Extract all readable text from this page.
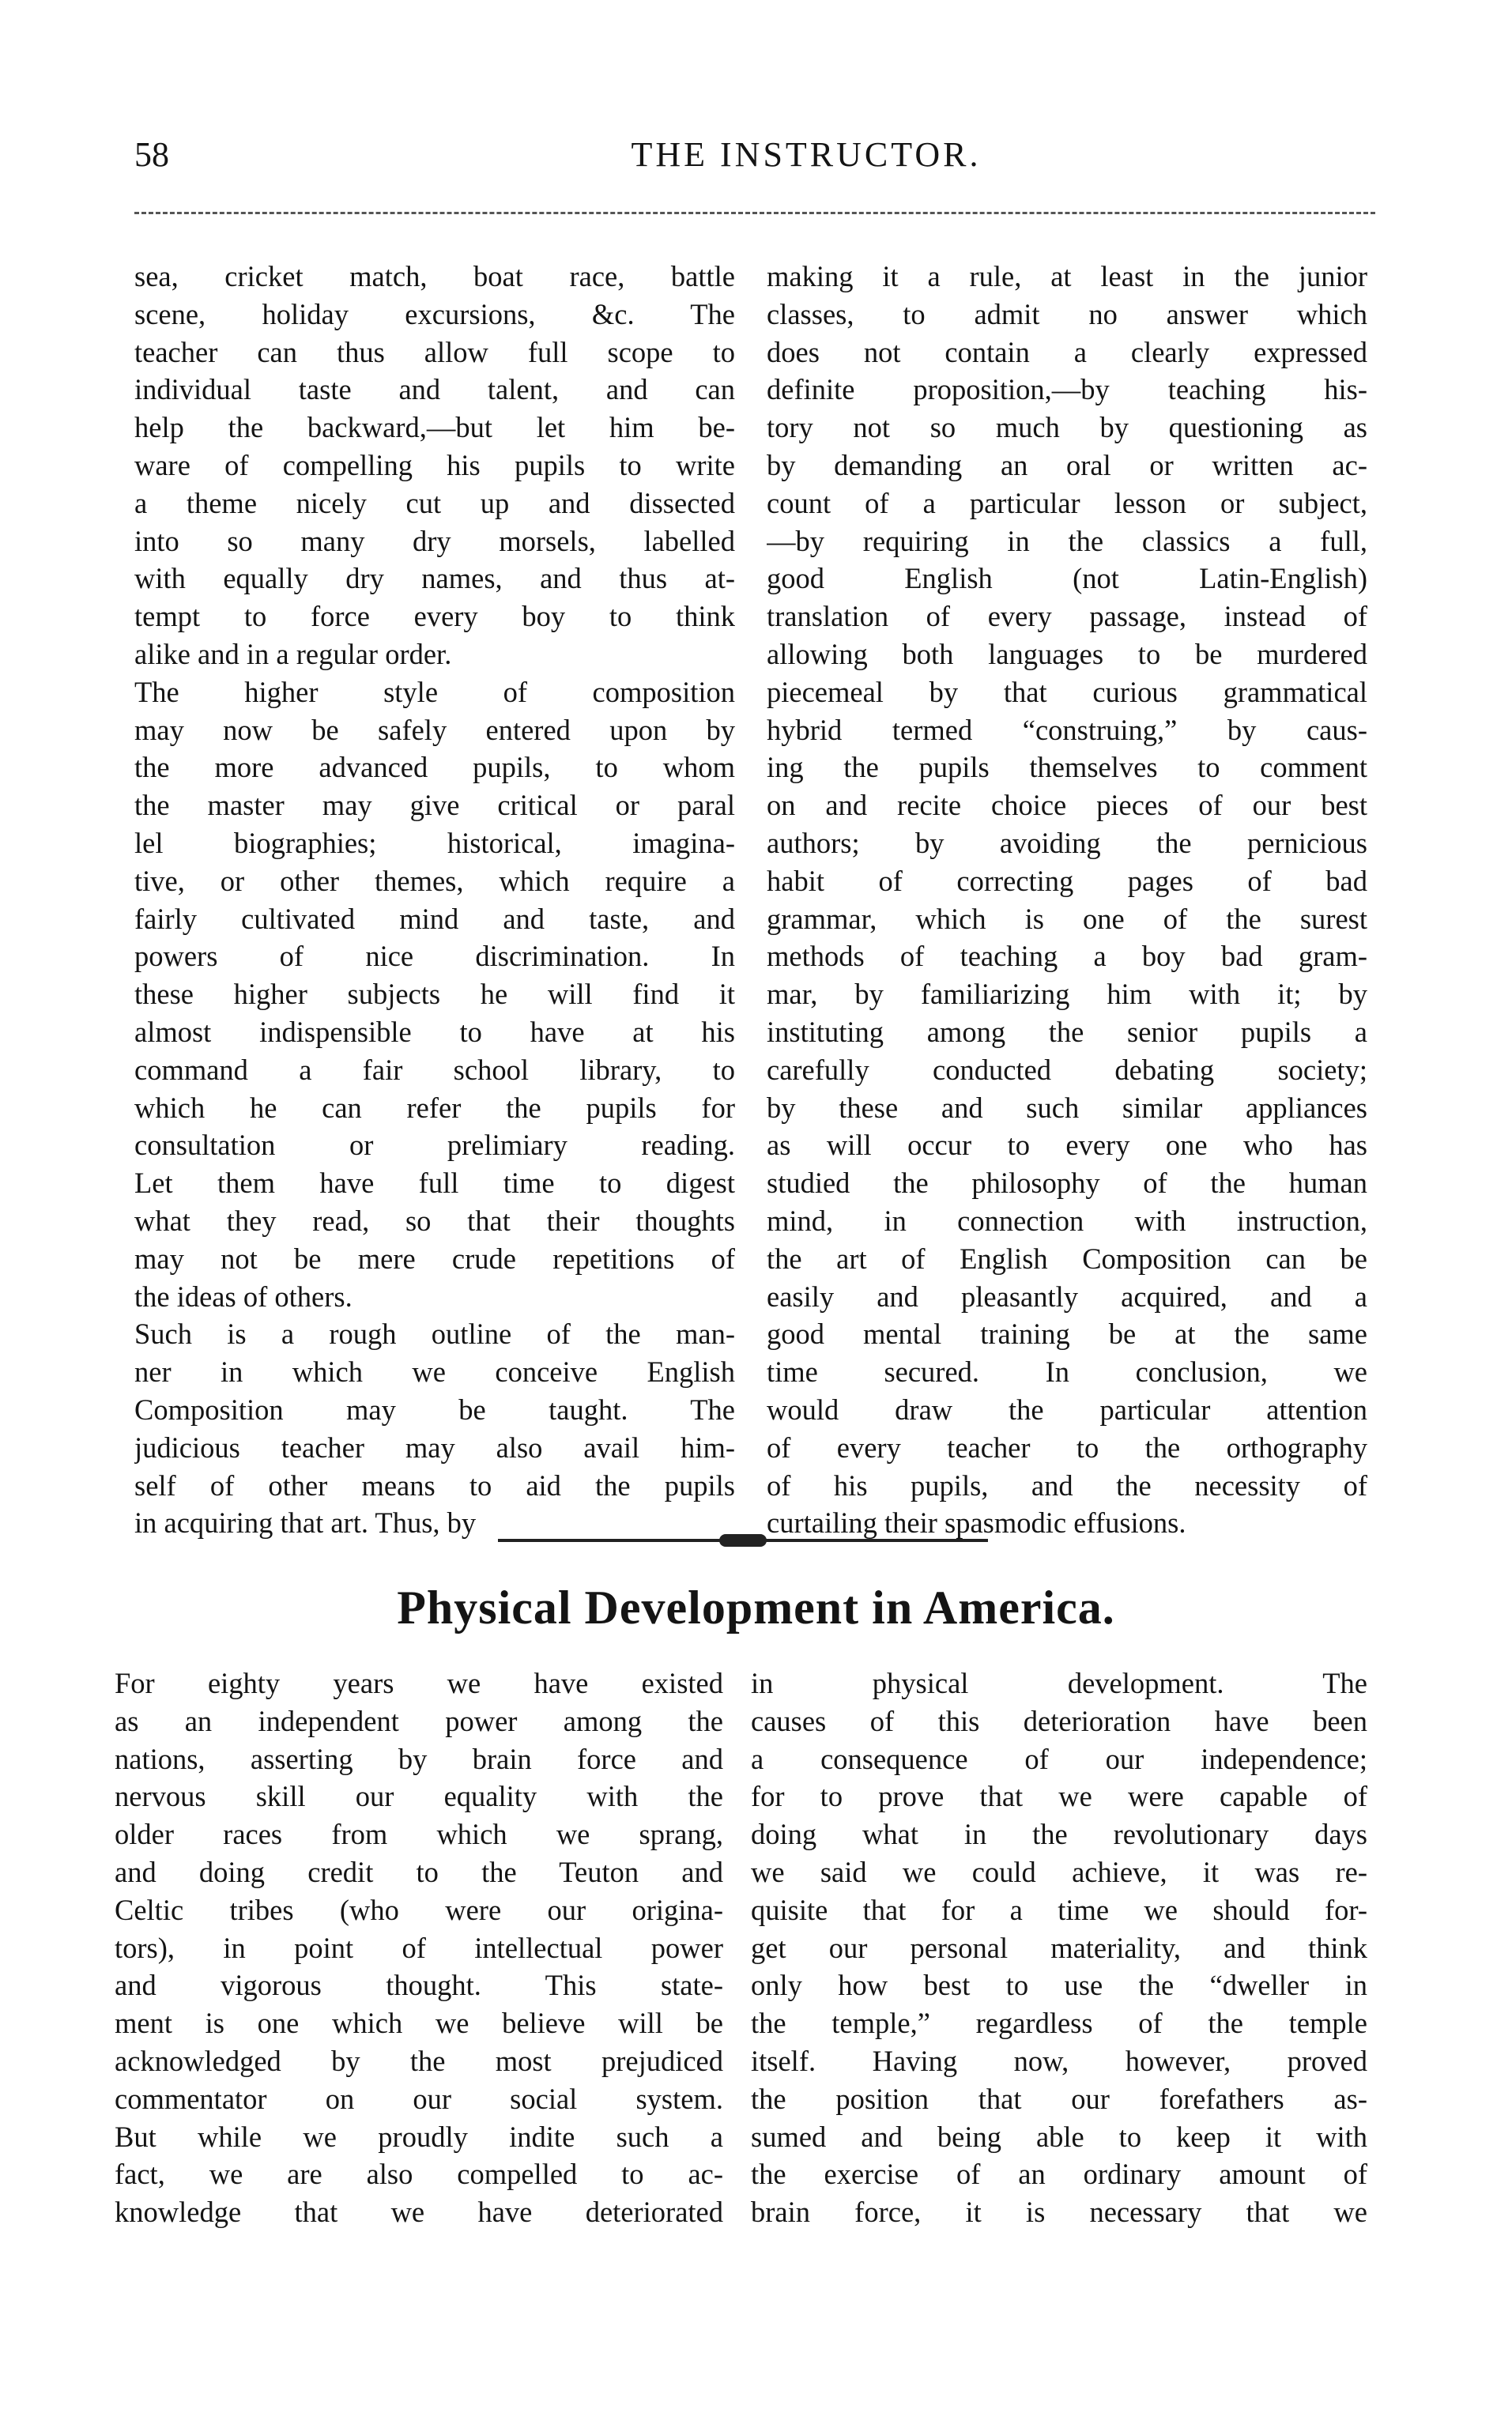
58	THE INSTRUCTOR.
sea, cricket match, boat race, battle
scene, holiday excursions, &c. The
teacher can thus allow full scope to
individual taste and talent, and can
help the backward,—but let him be-
ware of compelling his pupils to write
a theme nicely cut up and dissected
into so many dry morsels, labelled
with equally dry names, and thus at-
tempt to force every boy to think
alike and in a regular order.
The higher style of composition
may now be safely entered upon by
the more advanced pupils, to whom
the master may give critical or paral
lel biographies; historical, imagina-
tive, or other themes, which require a
fairly cultivated mind and taste, and
powers of nice discrimination. In
these higher subjects he will find it
almost indispensible to have at his
command a fair school library, to
which he can refer the pupils for
consultation or prelimiary reading.
Let them have full time to digest
what they read, so that their thoughts
may not be mere crude repetitions of
the ideas of others.
Such is a rough outline of the man-
ner in which we conceive English
Composition may be taught. The
judicious teacher may also avail him-
self of other means to aid the pupils
in acquiring that art. Thus, by
making it a rule, at least in the junior
classes, to admit no answer which
does not contain a clearly expressed
definite proposition,—by teaching his-
tory not so much by questioning as
by demanding an oral or written ac-
count of a particular lesson or subject,
—by requiring in the classics a full,
good English (not Latin-English)
translation of every passage, instead of
allowing both languages to be murdered
piecemeal by that curious grammatical
hybrid termed “construing,” by caus-
ing the pupils themselves to comment
on and recite choice pieces of our best
authors; by avoiding the pernicious
habit of correcting pages of bad
grammar, which is one of the surest
methods of teaching a boy bad gram-
mar, by familiarizing him with it; by
instituting among the senior pupils a
carefully conducted debating society;
by these and such similar appliances
as will occur to every one who has
studied the philosophy of the human
mind, in connection with instruction,
the art of English Composition can be
easily and pleasantly acquired, and a
good mental training be at the same
time secured. In conclusion, we
would draw the particular attention
of every teacher to the orthography
of his pupils, and the necessity of
curtailing their spasmodic effusions.
Physical Development in America.
For eighty years we have existed
as an independent power among the
nations, asserting by brain force and
nervous skill our equality with the
older races from which we sprang,
and doing credit to the Teuton and
Celtic tribes (who were our origina-
tors), in point of intellectual power
and vigorous thought. This state-
ment is one which we believe will be
acknowledged by the most prejudiced
commentator on our social system.
But while we proudly indite such a
fact, we are also compelled to ac-
knowledge that we have deteriorated
in physical development. The
causes of this deterioration have been
a consequence of our independence;
for to prove that we were capable of
doing what in the revolutionary days
we said we could achieve, it was re-
quisite that for a time we should for-
get our personal materiality, and think
only how best to use the “dweller in
the temple,” regardless of the temple
itself. Having now, however, proved
the position that our forefathers as-
sumed and being able to keep it with
the exercise of an ordinary amount of
brain force, it is necessary that we
